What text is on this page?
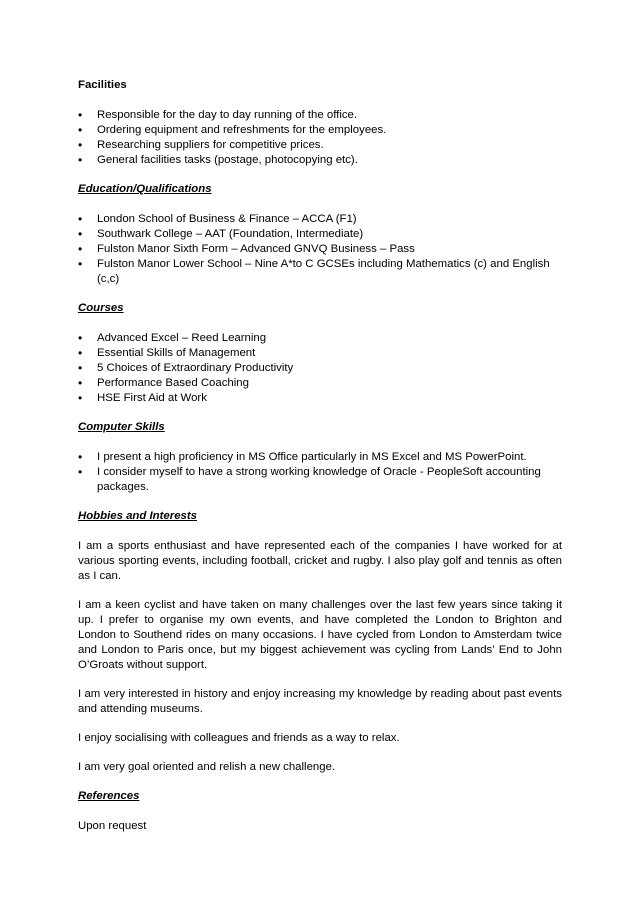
Facilities
• Responsible for the day to day running of the office.
• Ordering equipment and refreshments for the employees.
• Researching suppliers for competitive prices.
• General facilities tasks (postage, photocopying etc).
Education/Qualifications
• London School of Business & Finance – ACCA (F1)
• Southwark College – AAT (Foundation, Intermediate)
• Fulston Manor Sixth Form – Advanced GNVQ Business – Pass
• Fulston Manor Lower School – Nine A*to C GCSEs including Mathematics (c) and English (c,c)
Courses
• Advanced Excel – Reed Learning
• Essential Skills of Management
• 5 Choices of Extraordinary Productivity
• Performance Based Coaching
• HSE First Aid at Work
Computer Skills
• I present a high proficiency in MS Office particularly in MS Excel and MS PowerPoint.
• I consider myself to have a strong working knowledge of Oracle - PeopleSoft accounting packages.
Hobbies and Interests

I am a sports enthusiast and have represented each of the companies I have worked for at various sporting events, including football, cricket and rugby. I also play golf and tennis as often as I can.

I am a keen cyclist and have taken on many challenges over the last few years since taking it up. I prefer to organise my own events, and have completed the London to Brighton and London to Southend rides on many occasions. I have cycled from London to Amsterdam twice and London to Paris once, but my biggest achievement was cycling from Lands’ End to John O’Groats without support.

I am very interested in history and enjoy increasing my knowledge by reading about past events and attending museums.

I enjoy socialising with colleagues and friends as a way to relax.

I am very goal oriented and relish a new challenge.

References

Upon request
